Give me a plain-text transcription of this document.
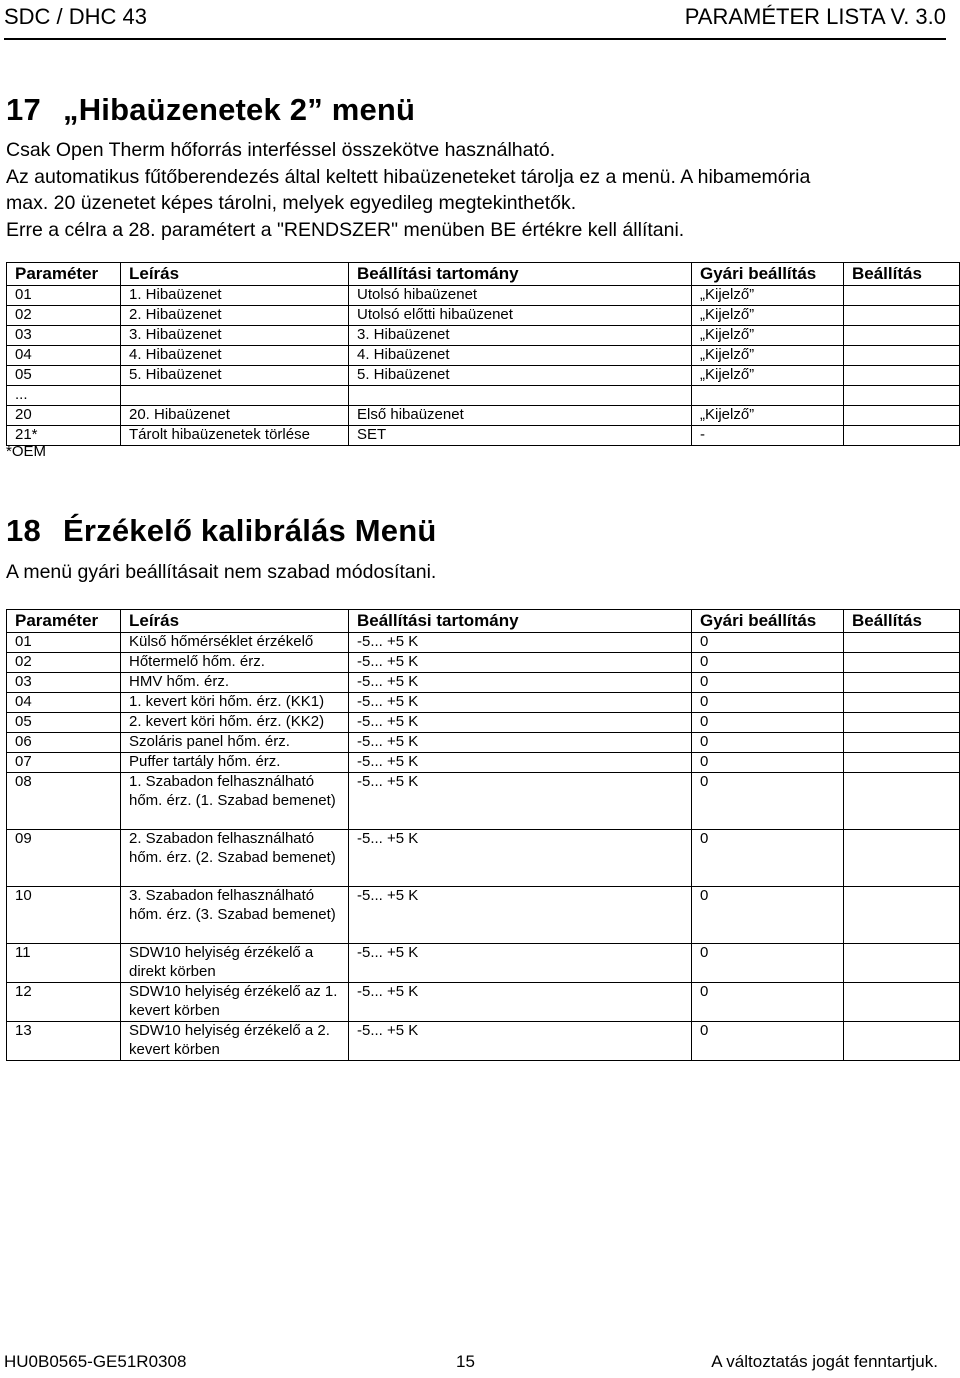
SDC / DHC 43	PARAMÉTER LISTA V. 3.0
17 „Hibaüzenetek 2” menü
Csak Open Therm hőforrás interféssel összekötve használható.
Az automatikus fűtőberendezés által keltett hibaüzeneteket tárolja ez a menü. A hibamemória
max. 20 üzenetet képes tárolni, melyek egyedileg megtekinthetők.
Erre a célra a 28. paramétert a "RENDSZER" menüben BE értékre kell állítani.
Paraméter	Leírás	Beállítási tartomány	Gyári beállítás	Beállítás
01	1. Hibaüzenet	Utolsó hibaüzenet	„Kijelző”	
02	2. Hibaüzenet	Utolsó előtti hibaüzenet	„Kijelző”	
03	3. Hibaüzenet	3. Hibaüzenet	„Kijelző”	
04	4. Hibaüzenet	4. Hibaüzenet	„Kijelző”	
05	5. Hibaüzenet	5. Hibaüzenet	„Kijelző”	
...				
20	20. Hibaüzenet	Első hibaüzenet	„Kijelző”	
21*	Tárolt hibaüzenetek törlése	SET	-	
*OEM
18 Érzékelő kalibrálás Menü
A menü gyári beállításait nem szabad módosítani.
Paraméter	Leírás	Beállítási tartomány	Gyári beállítás	Beállítás
01	Külső hőmérséklet érzékelő	-5... +5 K	0	
02	Hőtermelő hőm. érz.	-5... +5 K	0	
03	HMV hőm. érz.	-5... +5 K	0	
04	1. kevert köri hőm. érz. (KK1)	-5... +5 K	0	
05	2. kevert köri hőm. érz. (KK2)	-5... +5 K	0	
06	Szoláris panel hőm. érz.	-5... +5 K	0	
07	Puffer tartály hőm. érz.	-5... +5 K	0	
08	1. Szabadon felhasználható hőm. érz. (1. Szabad bemenet)	-5... +5 K	0	
09	2. Szabadon felhasználható hőm. érz. (2. Szabad bemenet)	-5... +5 K	0	
10	3. Szabadon felhasználható hőm. érz. (3. Szabad bemenet)	-5... +5 K	0	
11	SDW10 helyiség érzékelő a direkt körben	-5... +5 K	0	
12	SDW10 helyiség érzékelő az 1. kevert körben	-5... +5 K	0	
13	SDW10 helyiség érzékelő a 2. kevert körben	-5... +5 K	0	
HU0B0565-GE51R0308	15	A változtatás jogát fenntartjuk.
